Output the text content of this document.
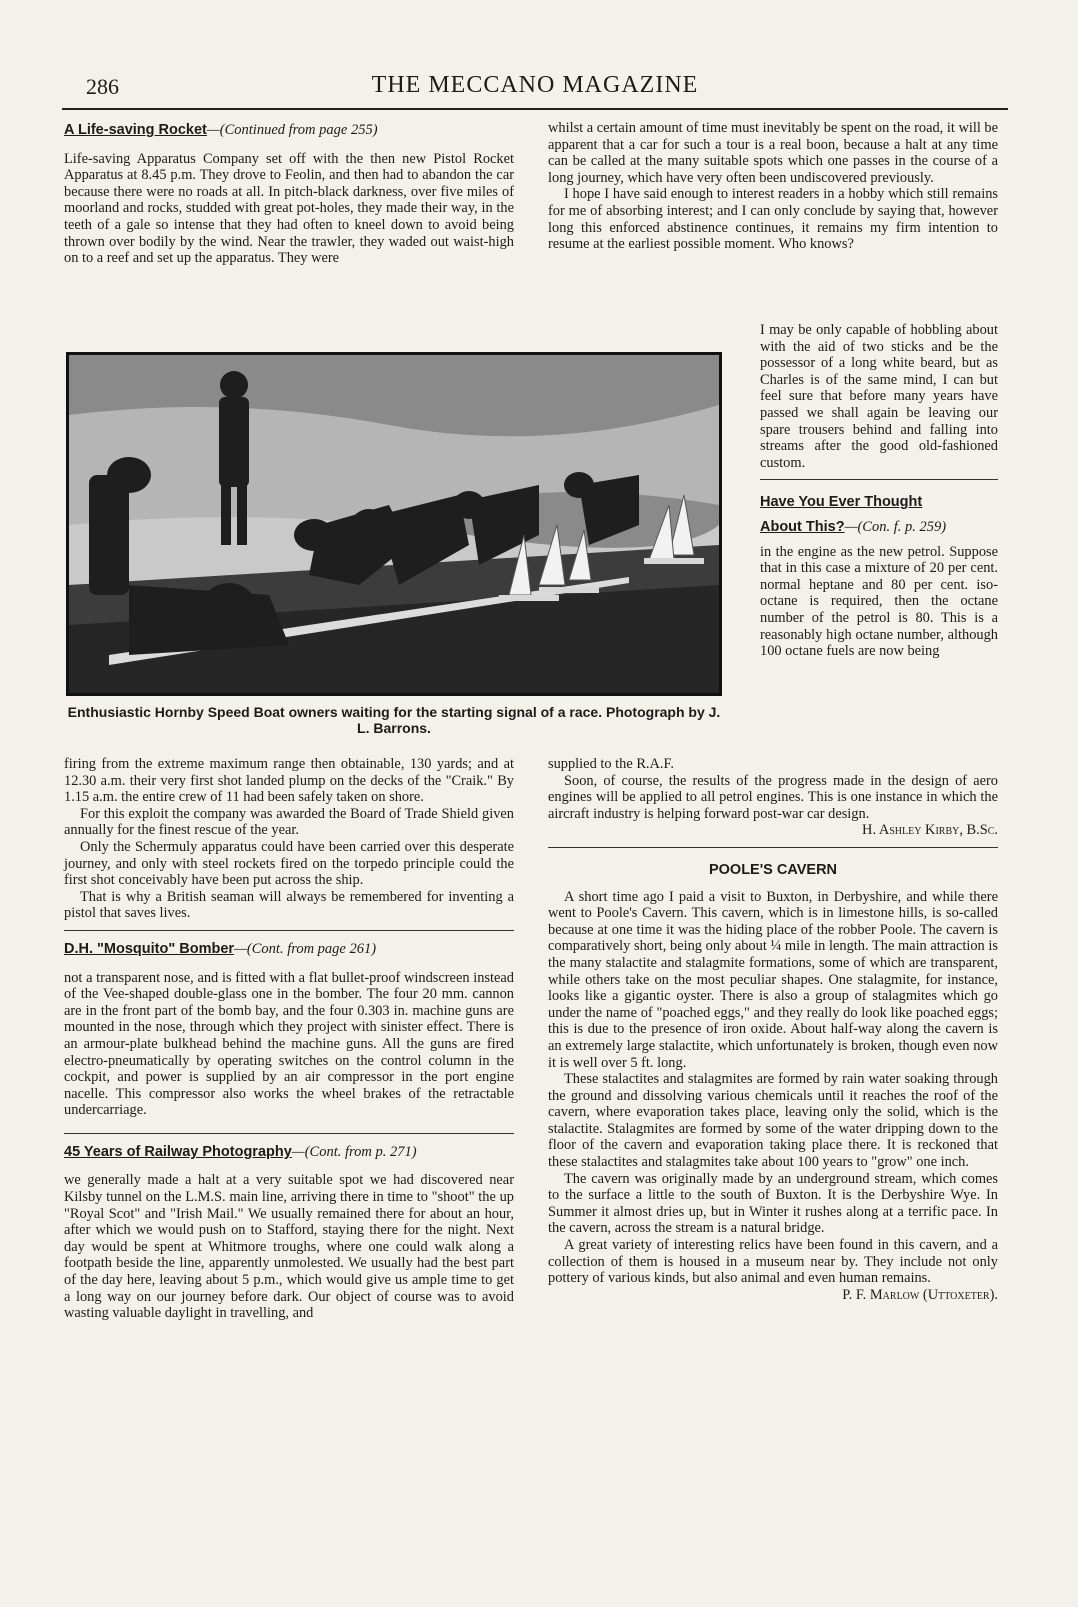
286	THE MECCANO MAGAZINE

A Life-saving Rocket—(Continued from page 255)

Life-saving Apparatus Company set off with the then new Pistol Rocket Apparatus at 8.45 p.m. They drove to Feolin, and then had to abandon the car because there were no roads at all. In pitch-black darkness, over five miles of moorland and rocks, studded with great pot-holes, they made their way, in the teeth of a gale so intense that they had often to kneel down to avoid being thrown over bodily by the wind. Near the trawler, they waded out waist-high on to a reef and set up the apparatus. They were

whilst a certain amount of time must inevitably be spent on the road, it will be apparent that a car for such a tour is a real boon, because a halt at any time can be called at the many suitable spots which one passes in the course of a long journey, which have very often been undiscovered previously.

I hope I have said enough to interest readers in a hobby which still remains for me of absorbing interest; and I can only conclude by saying that, however long this enforced abstinence continues, it remains my firm intention to resume at the earliest possible moment. Who knows?

I may be only capable of hobbling about with the aid of two sticks and be the possessor of a long white beard, but as Charles is of the same mind, I can but feel sure that before many years have passed we shall again be leaving our spare trousers behind and falling into streams after the good old-fashioned custom.

Have You Ever Thought

About This?—(Con. f. p. 259)

in the engine as the new petrol. Suppose that in this case a mixture of 20 per cent. normal heptane and 80 per cent. iso-octane is required, then the octane number of the petrol is 80. This is a reasonably high octane number, although 100 octane fuels are now being

Enthusiastic Hornby Speed Boat owners waiting for the starting signal of a race. Photograph by J. L. Barrons.

firing from the extreme maximum range then obtainable, 130 yards; and at 12.30 a.m. their very first shot landed plump on the decks of the "Craik." By 1.15 a.m. the entire crew of 11 had been safely taken on shore.

For this exploit the company was awarded the Board of Trade Shield given annually for the finest rescue of the year.

Only the Schermuly apparatus could have been carried over this desperate journey, and only with steel rockets fired on the torpedo principle could the first shot conceivably have been put across the ship.

That is why a British seaman will always be remembered for inventing a pistol that saves lives.

D.H. "Mosquito" Bomber—(Cont. from page 261)

not a transparent nose, and is fitted with a flat bullet-proof windscreen instead of the Vee-shaped double-glass one in the bomber. The four 20 mm. cannon are in the front part of the bomb bay, and the four 0.303 in. machine guns are mounted in the nose, through which they project with sinister effect. There is an armour-plate bulkhead behind the machine guns. All the guns are fired electro-pneumatically by operating switches on the control column in the cockpit, and power is supplied by an air compressor in the port engine nacelle. This compressor also works the wheel brakes of the retractable undercarriage.

45 Years of Railway Photography—(Cont. from p. 271)

we generally made a halt at a very suitable spot we had discovered near Kilsby tunnel on the L.M.S. main line, arriving there in time to "shoot" the up "Royal Scot" and "Irish Mail." We usually remained there for about an hour, after which we would push on to Stafford, staying there for the night. Next day would be spent at Whitmore troughs, where one could walk along a footpath beside the line, apparently unmolested. We usually had the best part of the day here, leaving about 5 p.m., which would give us ample time to get a long way on our journey before dark. Our object of course was to avoid wasting valuable daylight in travelling, and

supplied to the R.A.F.

Soon, of course, the results of the progress made in the design of aero engines will be applied to all petrol engines. This is one instance in which the aircraft industry is helping forward post-war car design.

H. Ashley Kirby, B.Sc.

POOLE'S CAVERN

A short time ago I paid a visit to Buxton, in Derbyshire, and while there went to Poole's Cavern. This cavern, which is in limestone hills, is so-called because at one time it was the hiding place of the robber Poole. The cavern is comparatively short, being only about ¼ mile in length. The main attraction is the many stalactite and stalagmite formations, some of which are transparent, while others take on the most peculiar shapes. One stalagmite, for instance, looks like a gigantic oyster. There is also a group of stalagmites which go under the name of "poached eggs," and they really do look like poached eggs; this is due to the presence of iron oxide. About half-way along the cavern is an extremely large stalactite, which unfortunately is broken, though even now it is well over 5 ft. long.

These stalactites and stalagmites are formed by rain water soaking through the ground and dissolving various chemicals until it reaches the roof of the cavern, where evaporation takes place, leaving only the solid, which is the stalactite. Stalagmites are formed by some of the water dripping down to the floor of the cavern and evaporation taking place there. It is reckoned that these stalactites and stalagmites take about 100 years to "grow" one inch.

The cavern was originally made by an underground stream, which comes to the surface a little to the south of Buxton. It is the Derbyshire Wye. In Summer it almost dries up, but in Winter it rushes along at a terrific pace. In the cavern, across the stream is a natural bridge.

A great variety of interesting relics have been found in this cavern, and a collection of them is housed in a museum near by. They include not only pottery of various kinds, but also animal and even human remains.

P. F. Marlow (Uttoxeter).
